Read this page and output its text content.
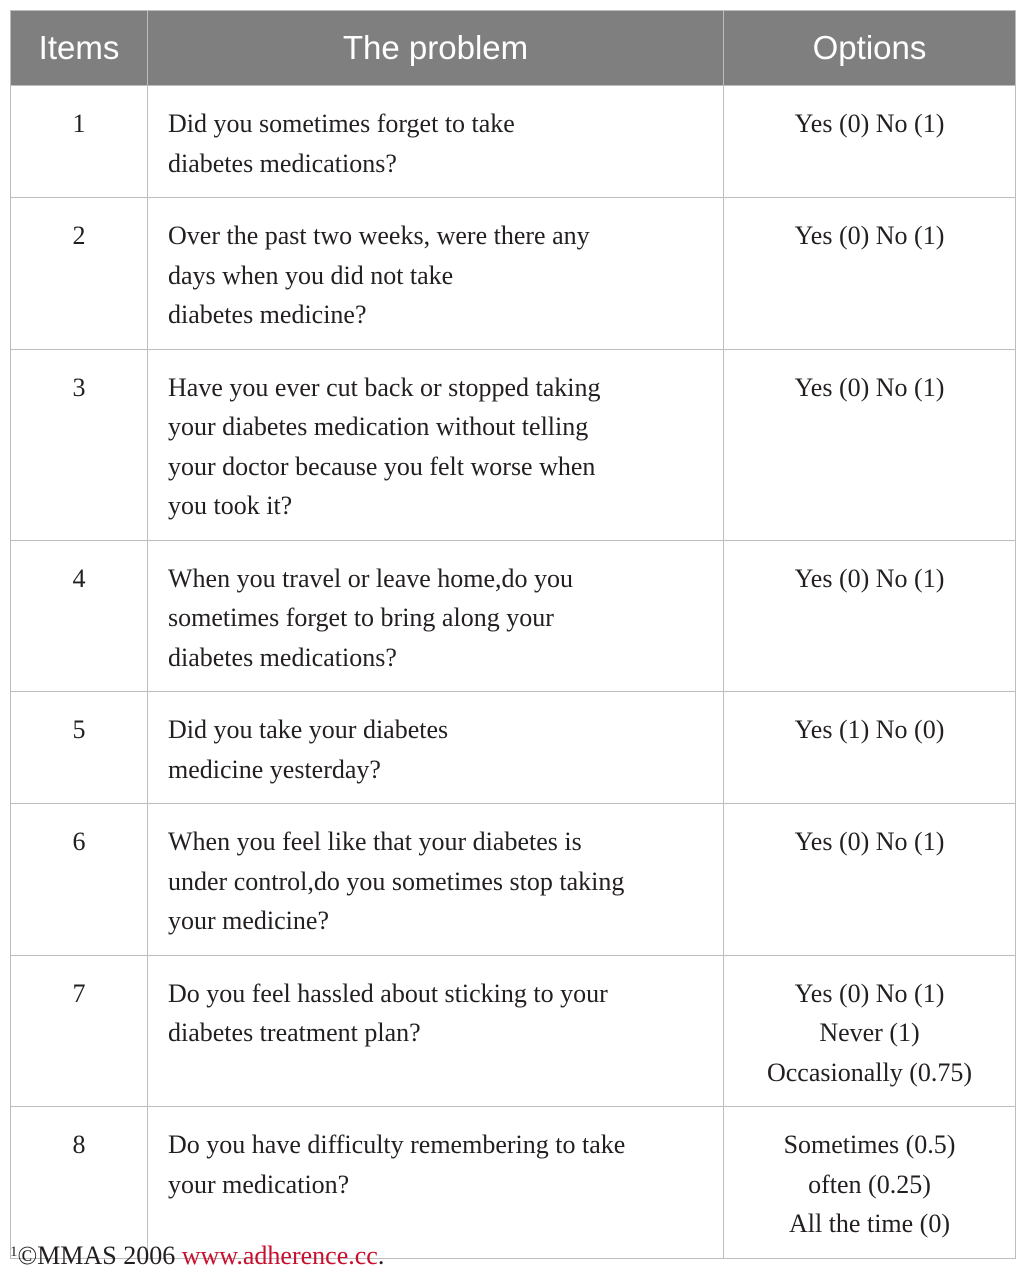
Items	The problem	Options
1	Did you sometimes forget to take
diabetes medications?	Yes (0) No (1)

2	Over the past two weeks, were there any
days when you did not take
diabetes medicine?	Yes (0) No (1)

3	Have you ever cut back or stopped taking
your diabetes medication without telling
your doctor because you felt worse when
you took it?	Yes (0) No (1)

4	When you travel or leave home,do you
sometimes forget to bring along your
diabetes medications?	Yes (0) No (1)

5	Did you take your diabetes
medicine yesterday?	Yes (1) No (0)

6	When you feel like that your diabetes is
under control,do you sometimes stop taking
your medicine?	Yes (0) No (1)

7	Do you feel hassled about sticking to your
diabetes treatment plan?	Yes (0) No (1)
Never (1)
Occasionally (0.75)

8	Do you have difficulty remembering to take
your medication?	Sometimes (0.5)
often (0.25)
All the time (0)
$^1$©MMAS 2006 www.adherence.cc.
